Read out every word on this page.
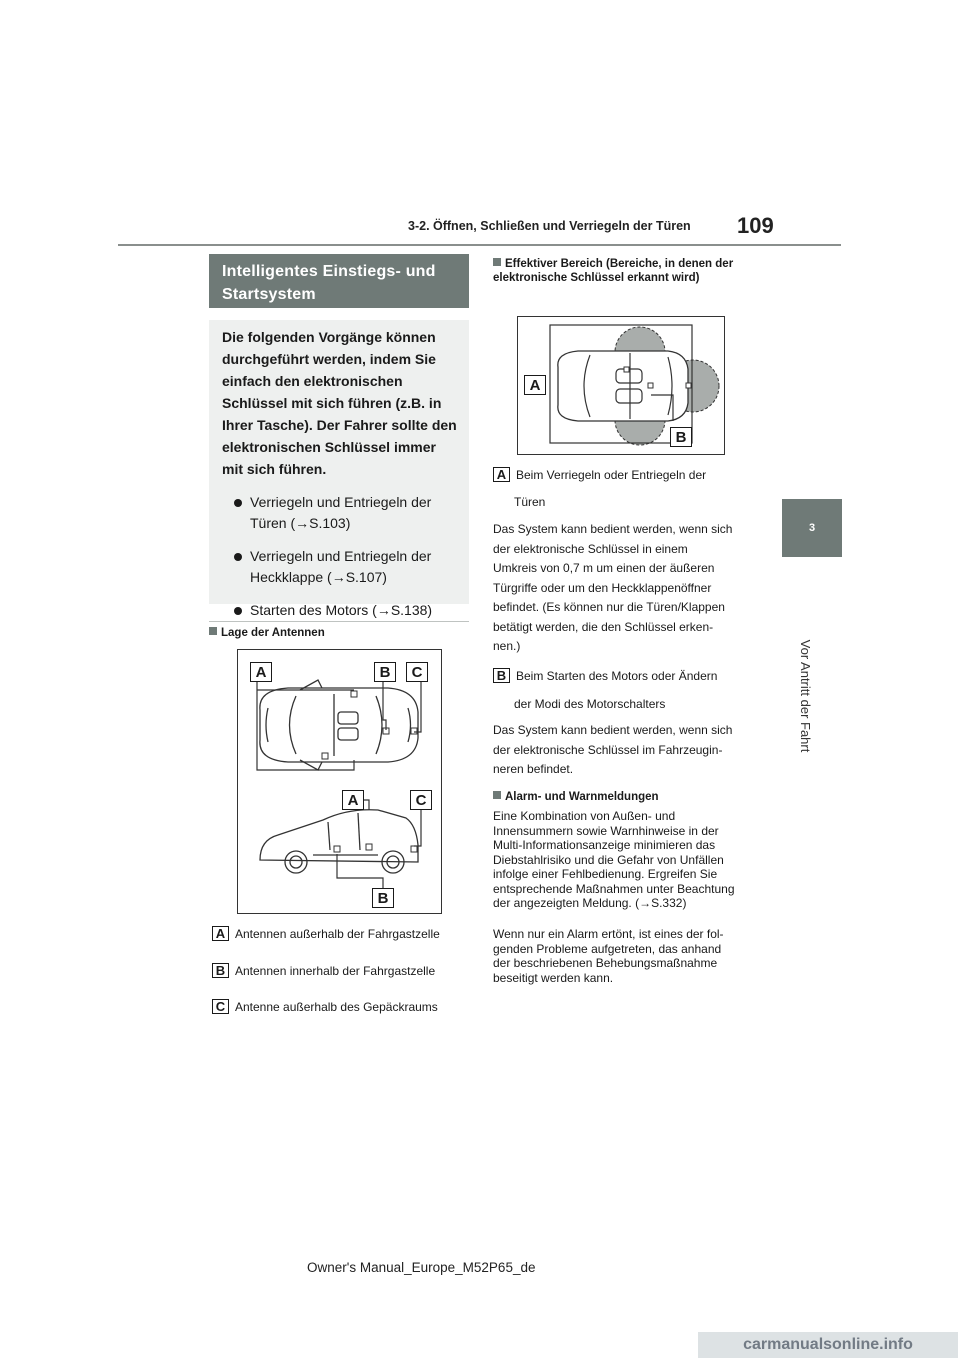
3-2. Öffnen, Schließen und Verriegeln der Türen 109
3
Vor Antritt der Fahrt
Intelligentes Einstiegs- und Startsystem
Die folgenden Vorgänge können durchgeführt werden, indem Sie einfach den elektronischen Schlüssel mit sich führen (z.B. in Ihrer Tasche). Der Fahrer sollte den elektronischen Schlüssel immer mit sich führen.
Verriegeln und Entriegeln der Türen (→S.103)
Verriegeln und Entriegeln der Heckklappe (→S.107)
Starten des Motors (→S.138)
Lage der Antennen
A	B	C
A	C
B
A Antennen außerhalb der Fahrgastzelle
B Antennen innerhalb der Fahrgastzelle
C Antenne außerhalb des Gepäckraums
Effektiver Bereich (Bereiche, in denen der elektronische Schlüssel erkannt wird)
A
B
A Beim Verriegeln oder Entriegeln der
Türen
Das System kann bedient werden, wenn sich
der elektronische Schlüssel in einem
Umkreis von 0,7 m um einen der äußeren
Türgriffe oder um den Heckklappenöffner
befindet. (Es können nur die Türen/Klappen
betätigt werden, die den Schlüssel erken-
nen.)
B Beim Starten des Motors oder Ändern
der Modi des Motorschalters
Das System kann bedient werden, wenn sich
der elektronische Schlüssel im Fahrzeugin-
neren befindet.
Alarm- und Warnmeldungen
Eine Kombination von Außen- und
Innensummern sowie Warnhinweise in der
Multi-Informationsanzeige minimieren das
Diebstahlrisiko und die Gefahr von Unfällen
infolge einer Fehlbedienung. Ergreifen Sie
entsprechende Maßnahmen unter Beachtung
der angezeigten Meldung. (→S.332)
Wenn nur ein Alarm ertönt, ist eines der fol-
genden Probleme aufgetreten, das anhand
der beschriebenen Behebungsmaßnahme
beseitigt werden kann.
Owner's Manual_Europe_M52P65_de
carmanualsonline.info
